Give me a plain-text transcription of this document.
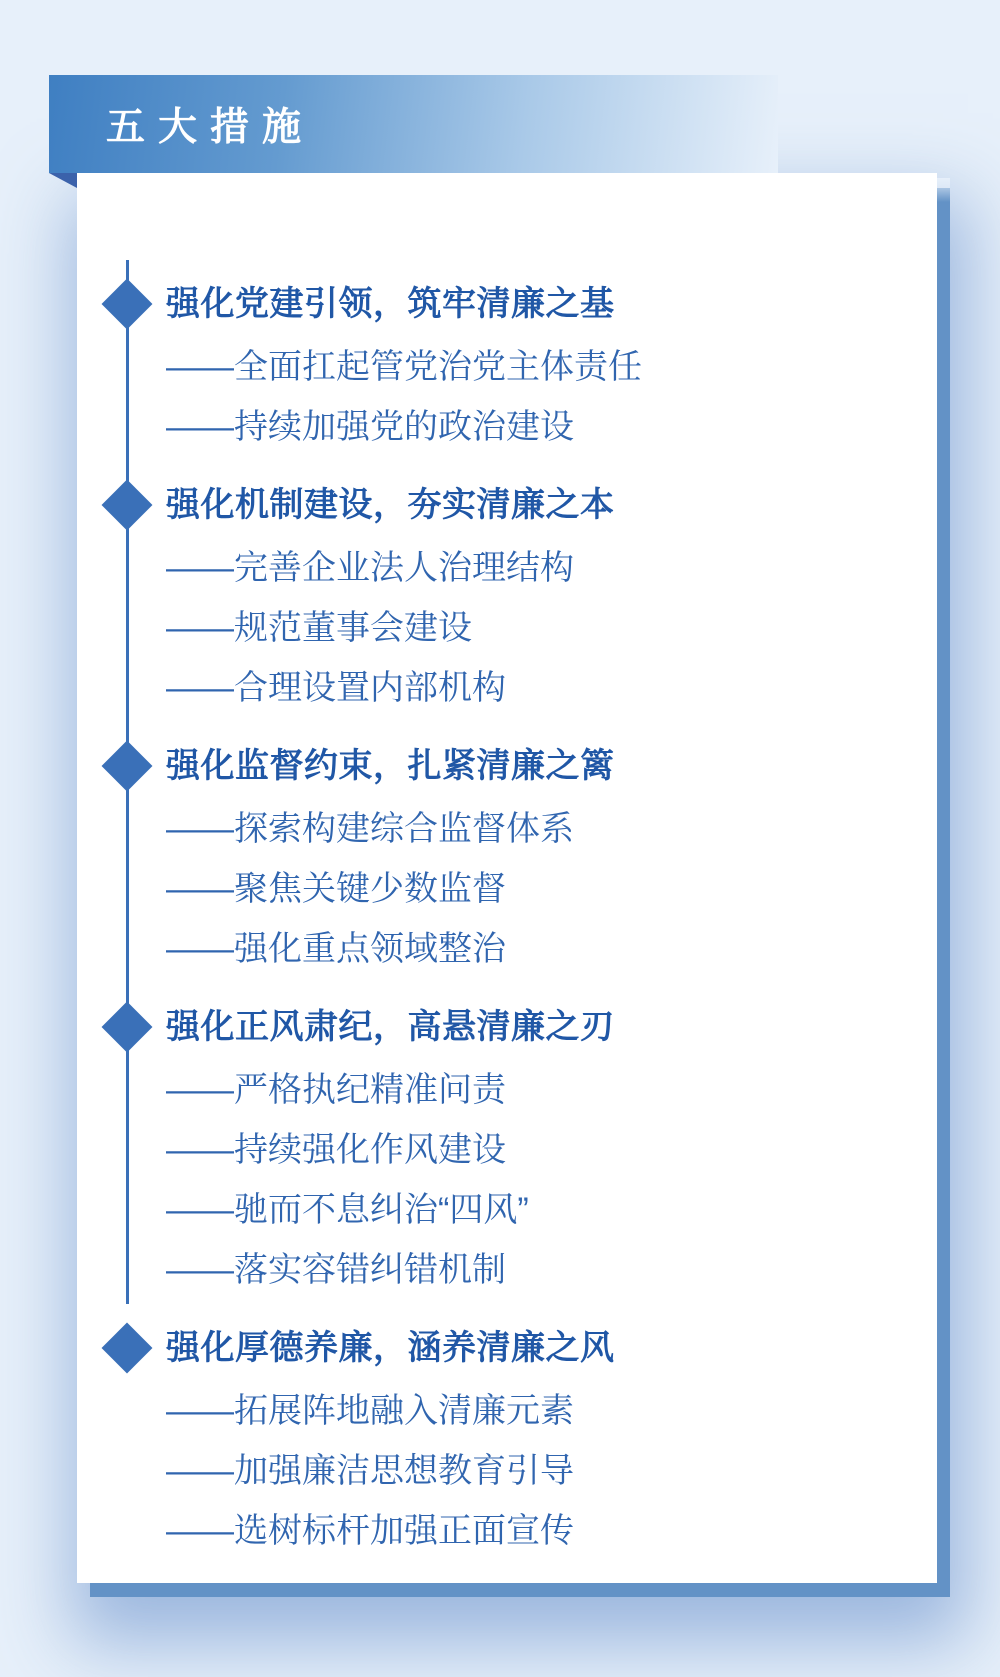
强化党建引领，筑牢清廉之基
——全面扛起管党治党主体责任
——持续加强党的政治建设
强化机制建设，夯实清廉之本
——完善企业法人治理结构
——规范董事会建设
——合理设置内部机构
强化监督约束，扎紧清廉之篱
——探索构建综合监督体系
——聚焦关键少数监督
——强化重点领域整治
强化正风肃纪，高悬清廉之刃
——严格执纪精准问责
——持续强化作风建设
——驰而不息纠治“四风”
——落实容错纠错机制
强化厚德养廉，涵养清廉之风
——拓展阵地融入清廉元素
——加强廉洁思想教育引导
——选树标杆加强正面宣传
五大措施
